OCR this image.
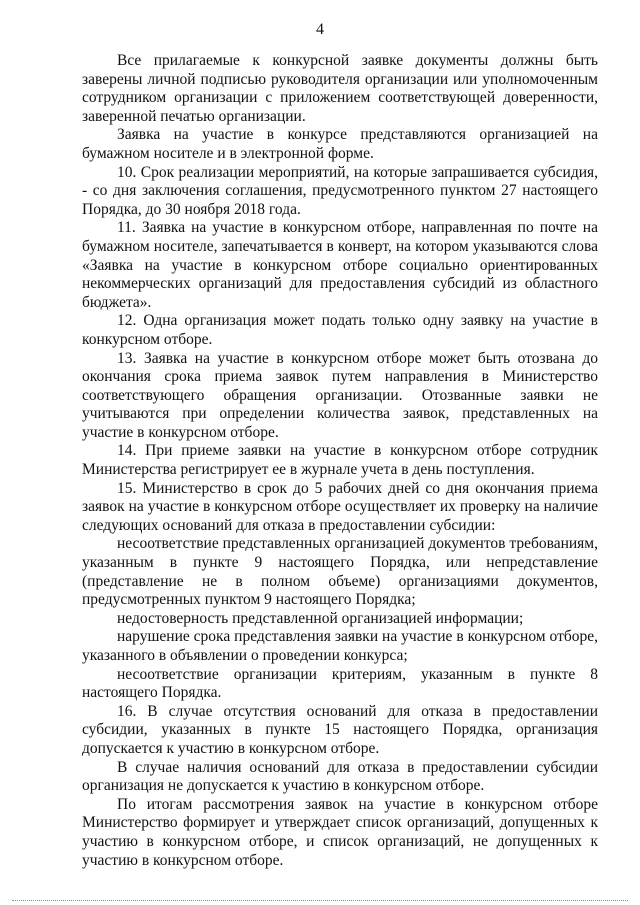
4

Все прилагаемые к конкурсной заявке документы должны быть заверены личной подписью руководителя организации или уполномоченным сотрудником организации с приложением соответствующей доверенности, заверенной печатью организации.

Заявка на участие в конкурсе представляются организацией на бумажном носителе и в электронной форме.

10. Срок реализации мероприятий, на которые запрашивается субсидия, - со дня заключения соглашения, предусмотренного пунктом 27 настоящего Порядка, до 30 ноября 2018 года.

11. Заявка на участие в конкурсном отборе, направленная по почте на бумажном носителе, запечатывается в конверт, на котором указываются слова «Заявка на участие в конкурсном отборе социально ориентированных некоммерческих организаций для предоставления субсидий из областного бюджета».

12. Одна организация может подать только одну заявку на участие в конкурсном отборе.

13. Заявка на участие в конкурсном отборе может быть отозвана до окончания срока приема заявок путем направления в Министерство соответствующего обращения организации. Отозванные заявки не учитываются при определении количества заявок, представленных на участие в конкурсном отборе.

14. При приеме заявки на участие в конкурсном отборе сотрудник Министерства регистрирует ее в журнале учета в день поступления.

15. Министерство в срок до 5 рабочих дней со дня окончания приема заявок на участие в конкурсном отборе осуществляет их проверку на наличие следующих оснований для отказа в предоставлении субсидии:

несоответствие представленных организацией документов требованиям, указанным в пункте 9 настоящего Порядка, или непредставление (представление не в полном объеме) организациями документов, предусмотренных пунктом 9 настоящего Порядка;

недостоверность представленной организацией информации;

нарушение срока представления заявки на участие в конкурсном отборе, указанного в объявлении о проведении конкурса;

несоответствие организации критериям, указанным в пункте 8 настоящего Порядка.

16. В случае отсутствия оснований для отказа в предоставлении субсидии, указанных в пункте 15 настоящего Порядка, организация допускается к участию в конкурсном отборе.

В случае наличия оснований для отказа в предоставлении субсидии организация не допускается к участию в конкурсном отборе.

По итогам рассмотрения заявок на участие в конкурсном отборе Министерство формирует и утверждает список организаций, допущенных к участию в конкурсном отборе, и список организаций, не допущенных к участию в конкурсном отборе.
